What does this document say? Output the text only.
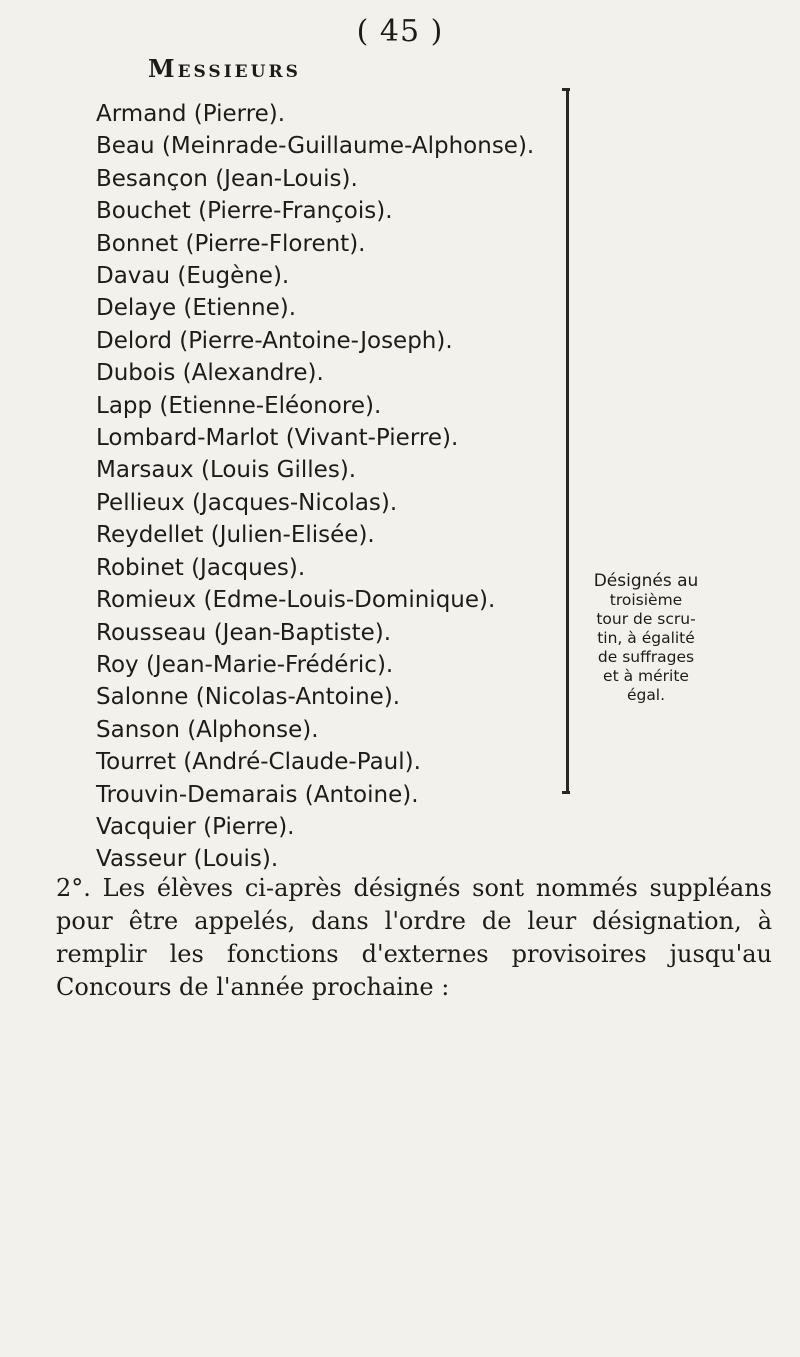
( 45 )
Messieurs
Armand (Pierre).
Beau (Meinrade-Guillaume-Alphonse).
Besançon (Jean-Louis).
Bouchet (Pierre-François).
Bonnet (Pierre-Florent).
Davau (Eugène).
Delaye (Etienne).
Delord (Pierre-Antoine-Joseph).
Dubois (Alexandre).
Lapp (Etienne-Eléonore).
Lombard-Marlot (Vivant-Pierre).
Marsaux (Louis Gilles).
Pellieux (Jacques-Nicolas).
Reydellet (Julien-Elisée).
Robinet (Jacques).
Romieux (Edme-Louis-Dominique).
Rousseau (Jean-Baptiste).
Roy (Jean-Marie-Frédéric).
Salonne (Nicolas-Antoine).
Sanson (Alphonse).
Tourret (André-Claude-Paul).
Trouvin-Demarais (Antoine).
Vacquier (Pierre).
Vasseur (Louis).
Désignés au
troisième
tour de scru-
tin, à égalité
de suffrages
et à mérite
égal.

2°. Les élèves ci-après désignés sont nommés suppléans pour être appelés, dans l'ordre de leur désignation, à remplir les fonctions d'externes provisoires jusqu'au Concours de l'année prochaine :
